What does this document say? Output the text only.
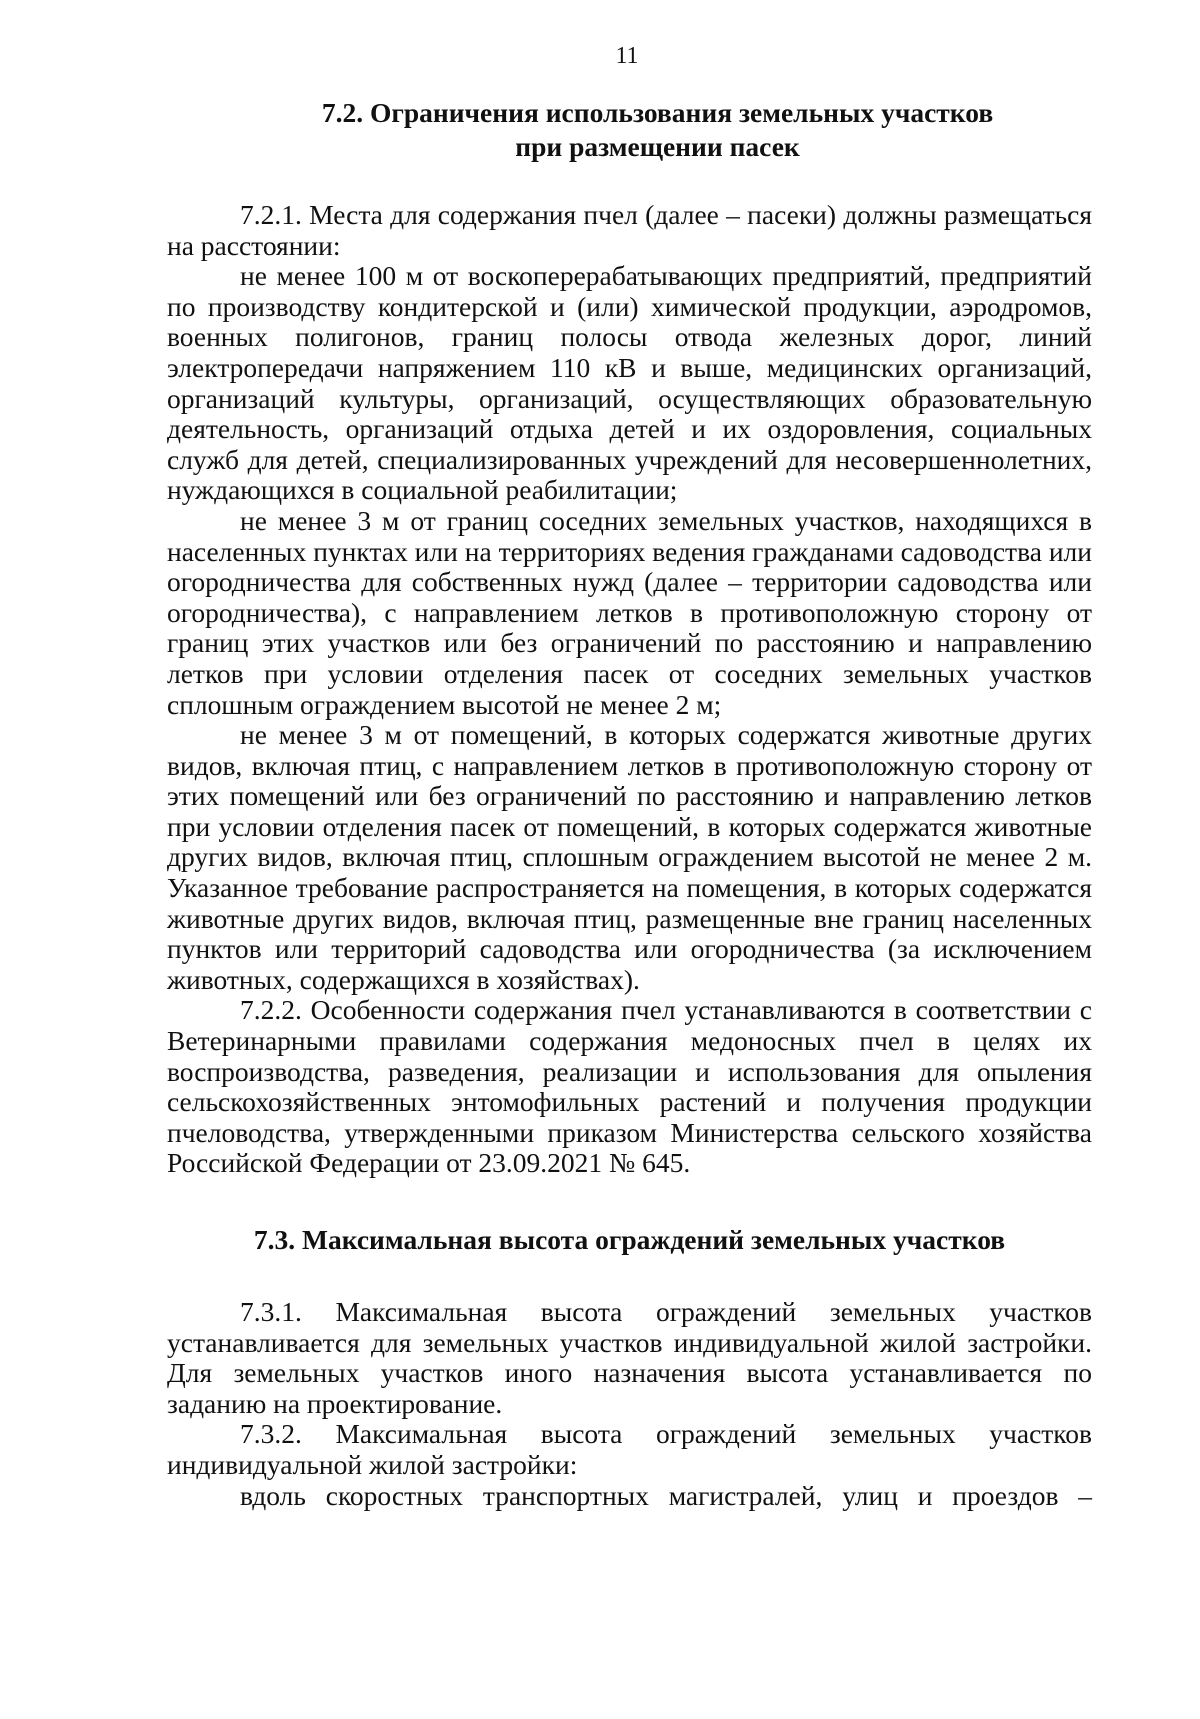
11
7.2. Ограничения использования земельных участков
при размещении пасек

7.2.1. Места для содержания пчел (далее – пасеки) должны размещаться на расстоянии:

не менее 100 м от воскоперерабатывающих предприятий, предприятий по производству кондитерской и (или) химической продукции, аэродромов, военных полигонов, границ полосы отвода железных дорог, линий электропередачи напряжением 110 кВ и выше, медицинских организаций, организаций культуры, организаций, осуществляющих образовательную деятельность, организаций отдыха детей и их оздоровления, социальных служб для детей, специализированных учреждений для несовершеннолетних, нуждающихся в социальной реабилитации;

не менее 3 м от границ соседних земельных участков, находящихся в населенных пунктах или на территориях ведения гражданами садоводства или огородничества для собственных нужд (далее – территории садоводства или огородничества), с направлением летков в противоположную сторону от границ этих участков или без ограничений по расстоянию и направлению летков при условии отделения пасек от соседних земельных участков сплошным ограждением высотой не менее 2 м;

не менее 3 м от помещений, в которых содержатся животные других видов, включая птиц, с направлением летков в противоположную сторону от этих помещений или без ограничений по расстоянию и направлению летков при условии отделения пасек от помещений, в которых содержатся животные других видов, включая птиц, сплошным ограждением высотой не менее 2 м. Указанное требование распространяется на помещения, в которых содержатся животные других видов, включая птиц, размещенные вне границ населенных пунктов или территорий садоводства или огородничества (за исключением животных, содержащихся в хозяйствах).

7.2.2. Особенности содержания пчел устанавливаются в соответствии с Ветеринарными правилами содержания медоносных пчел в целях их воспроизводства, разведения, реализации и использования для опыления сельскохозяйственных энтомофильных растений и получения продукции пчеловодства, утвержденными приказом Министерства сельского хозяйства Российской Федерации от 23.09.2021 № 645.

7.3. Максимальная высота ограждений земельных участков

7.3.1. Максимальная высота ограждений земельных участков устанавливается для земельных участков индивидуальной жилой застройки. Для земельных участков иного назначения высота устанавливается по заданию на проектирование.

7.3.2. Максимальная высота ограждений земельных участков индивидуальной жилой застройки:

вдоль скоростных транспортных магистралей, улиц и проездов –
